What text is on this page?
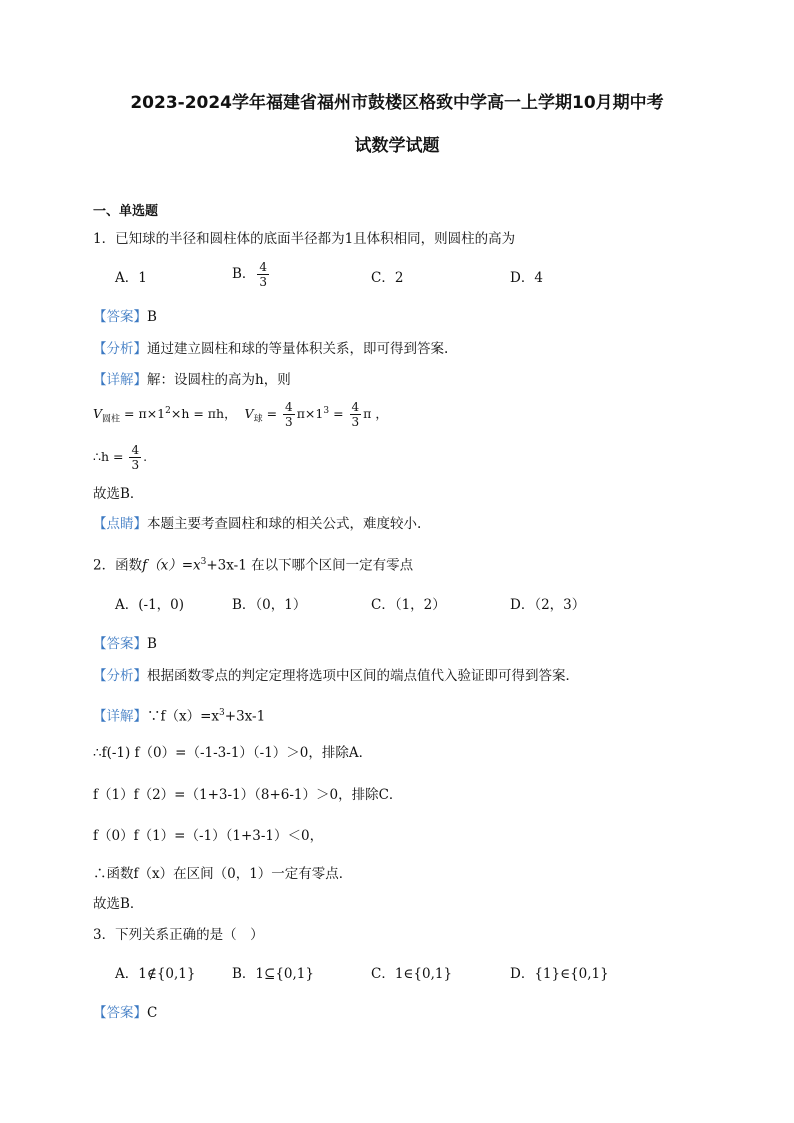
2023-2024学年福建省福州市鼓楼区格致中学高一上学期10月期中考
试数学试题
一、单选题
1．已知球的半径和圆柱体的底面半径都为1且体积相同，则圆柱的高为
A．1	B． $\frac{4}{3}$	C．2	D．4
【答案】B
【分析】通过建立圆柱和球的等量体积关系，即可得到答案.
【详解】解：设圆柱的高为h，则
$V_{圆柱} = \pi\times 1^2\times h = \pi h$，  $V_球 = \frac{4}{3} \pi\times 1^3 = \frac{4}{3}$ π ，
∴h = $\frac{4}{3}$ .
故选B．
【点睛】本题主要考查圆柱和球的相关公式，难度较小.
2．函数$f(x)=x^3+3x-1$ 在以下哪个区间一定有零点
A．(-1，0)	B．（0，1）	C．（1，2）	D．（2，3）
【答案】B
【分析】根据函数零点的判定定理将选项中区间的端点值代入验证即可得到答案．
【详解】$\because f(x)=x^3+3x-1$
∴f(-1) f（0）=（-1-3-1）（-1）＞0，排除A．
f（1）f（2）=（1+3-1）（8+6-1）＞0，排除C．
f（0）f（1）=（-1）（1+3-1）＜0，
∴函数f（x）在区间（0，1）一定有零点．
故选B．
3．下列关系正确的是（　）
A．1∉{0,1}	B．1⊆{0,1}	C．1∈{0,1}	D．{1}∈{0,1}
【答案】C
